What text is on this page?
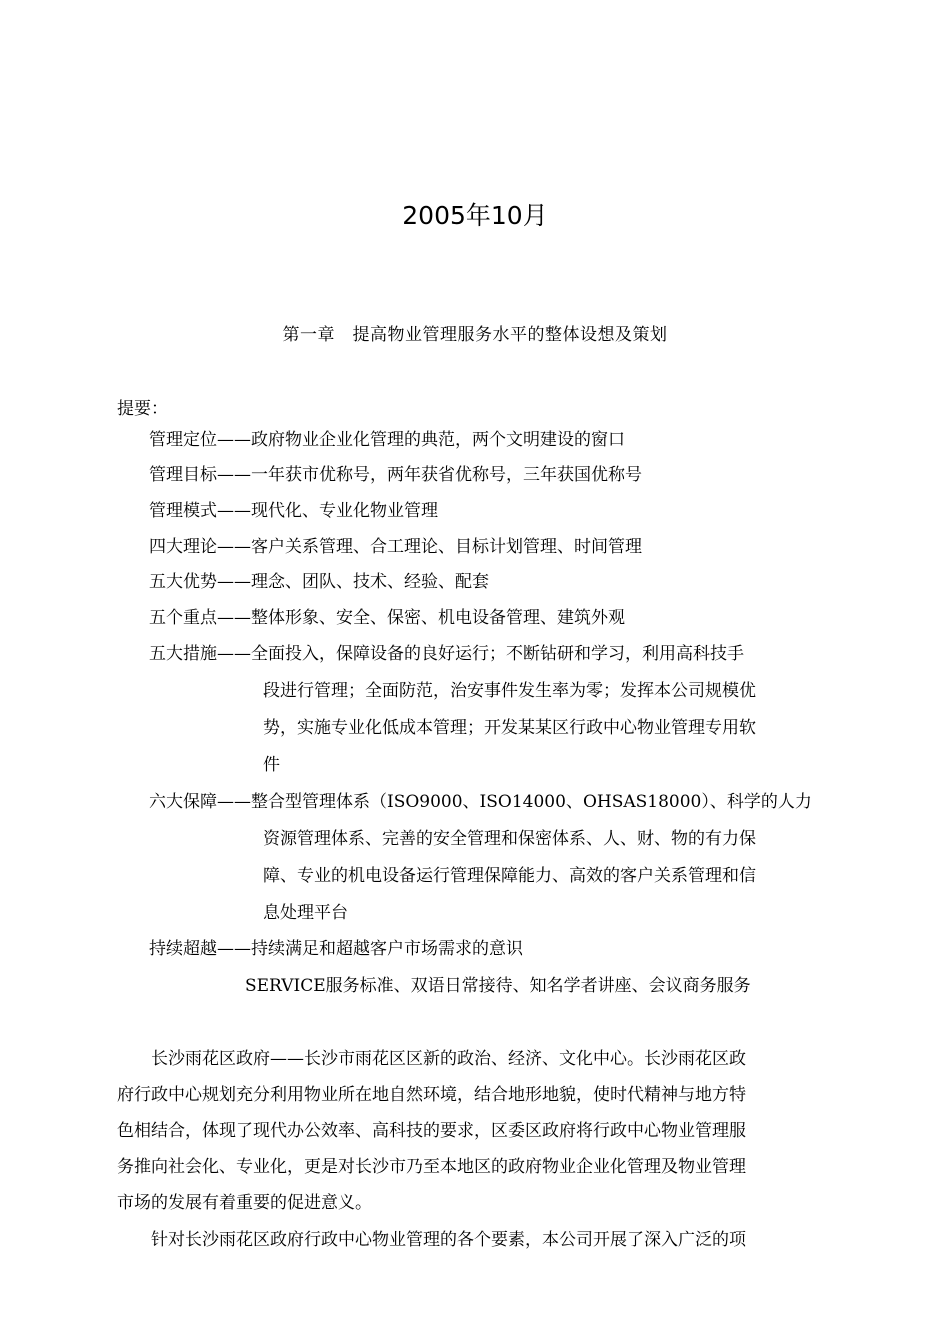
2005年10月
第一章　提高物业管理服务水平的整体设想及策划
提要：
管理定位——政府物业企业化管理的典范，两个文明建设的窗口
管理目标——一年获市优称号，两年获省优称号，三年获国优称号
管理模式——现代化、专业化物业管理
四大理论——客户关系管理、合工理论、目标计划管理、时间管理
五大优势——理念、团队、技术、经验、配套
五个重点——整体形象、安全、保密、机电设备管理、建筑外观
五大措施——全面投入，保障设备的良好运行；不断钻研和学习，利用高科技手
段进行管理；全面防范，治安事件发生率为零；发挥本公司规模优
势，实施专业化低成本管理；开发某某区行政中心物业管理专用软
件
六大保障——整合型管理体系（ISO9000、ISO14000、OHSAS18000）、科学的人力
资源管理体系、完善的安全管理和保密体系、人、财、物的有力保
障、专业的机电设备运行管理保障能力、高效的客户关系管理和信
息处理平台
持续超越——持续满足和超越客户市场需求的意识
SERVICE服务标准、双语日常接待、知名学者讲座、会议商务服务
长沙雨花区政府——长沙市雨花区区新的政治、经济、文化中心。长沙雨花区政
府行政中心规划充分利用物业所在地自然环境，结合地形地貌，使时代精神与地方特
色相结合，体现了现代办公效率、高科技的要求，区委区政府将行政中心物业管理服
务推向社会化、专业化，更是对长沙市乃至本地区的政府物业企业化管理及物业管理
市场的发展有着重要的促进意义。
针对长沙雨花区政府行政中心物业管理的各个要素，本公司开展了深入广泛的项
